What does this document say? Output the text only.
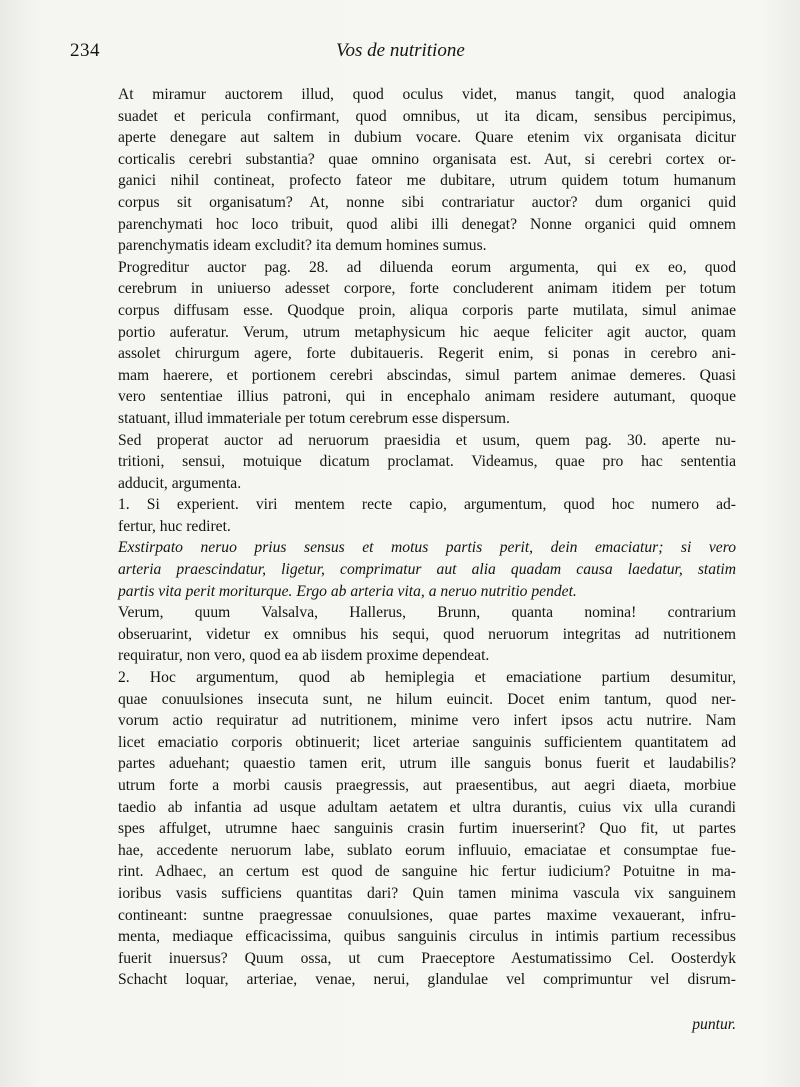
234	Vos de nutritione

At miramur auctorem illud, quod oculus videt, manus tangit, quod analogia
suadet et pericula confirmant, quod omnibus, ut ita dicam, sensibus percipimus,
aperte denegare aut saltem in dubium vocare. Quare etenim vix organisata dicitur
corticalis cerebri substantia? quae omnino organisata est. Aut, si cerebri cortex or-
ganici nihil contineat, profecto fateor me dubitare, utrum quidem totum humanum
corpus sit organisatum? At, nonne sibi contrariatur auctor? dum organici quid
parenchymati hoc loco tribuit, quod alibi illi denegat? Nonne organici quid omnem
parenchymatis ideam excludit? ita demum homines sumus.

Progreditur auctor pag. 28. ad diluenda eorum argumenta, qui ex eo, quod
cerebrum in uniuerso adesset corpore, forte concluderent animam itidem per totum
corpus diffusam esse. Quodque proin, aliqua corporis parte mutilata, simul animae
portio auferatur. Verum, utrum metaphysicum hic aeque feliciter agit auctor, quam
assolet chirurgum agere, forte dubitaueris. Regerit enim, si ponas in cerebro ani-
mam haerere, et portionem cerebri abscindas, simul partem animae demeres. Quasi
vero sententiae illius patroni, qui in encephalo animam residere autumant, quoque
statuant, illud immateriale per totum cerebrum esse dispersum.

Sed properat auctor ad neruorum praesidia et usum, quem pag. 30. aperte nu-
tritioni, sensui, motuique dicatum proclamat. Videamus, quae pro hac sententia
adducit, argumenta.

1. Si experient. viri mentem recte capio, argumentum, quod hoc numero ad-
fertur, huc rediret.

Exstirpato neruo prius sensus et motus partis perit, dein emaciatur; si vero
arteria praescindatur, ligetur, comprimatur aut alia quadam causa laedatur, statim
partis vita perit moriturque. Ergo ab arteria vita, a neruo nutritio pendet.

Verum, quum Valsalva, Hallerus, Brunn, quanta nomina! contrarium
obseruarint, videtur ex omnibus his sequi, quod neruorum integritas ad nutritionem
requiratur, non vero, quod ea ab iisdem proxime dependeat.

2. Hoc argumentum, quod ab hemiplegia et emaciatione partium desumitur,
quae conuulsiones insecuta sunt, ne hilum euincit. Docet enim tantum, quod ner-
vorum actio requiratur ad nutritionem, minime vero infert ipsos actu nutrire. Nam
licet emaciatio corporis obtinuerit; licet arteriae sanguinis sufficientem quantitatem ad
partes aduehant; quaestio tamen erit, utrum ille sanguis bonus fuerit et laudabilis?
utrum forte a morbi causis praegressis, aut praesentibus, aut aegri diaeta, morbiue
taedio ab infantia ad usque adultam aetatem et ultra durantis, cuius vix ulla curandi
spes affulget, utrumne haec sanguinis crasin furtim inuerserint? Quo fit, ut partes
hae, accedente neruorum labe, sublato eorum influuio, emaciatae et consumptae fue-
rint. Adhaec, an certum est quod de sanguine hic fertur iudicium? Potuitne in ma-
ioribus vasis sufficiens quantitas dari? Quin tamen minima vascula vix sanguinem
contineant: suntne praegressae conuulsiones, quae partes maxime vexauerant, infru-
menta, mediaque efficacissima, quibus sanguinis circulus in intimis partium recessibus
fuerit inuersus? Quum ossa, ut cum Praeceptore Aestumatissimo Cel. Oosterdyk
Schacht loquar, arteriae, venae, nerui, glandulae vel comprimuntur vel disrum-

puntur.
